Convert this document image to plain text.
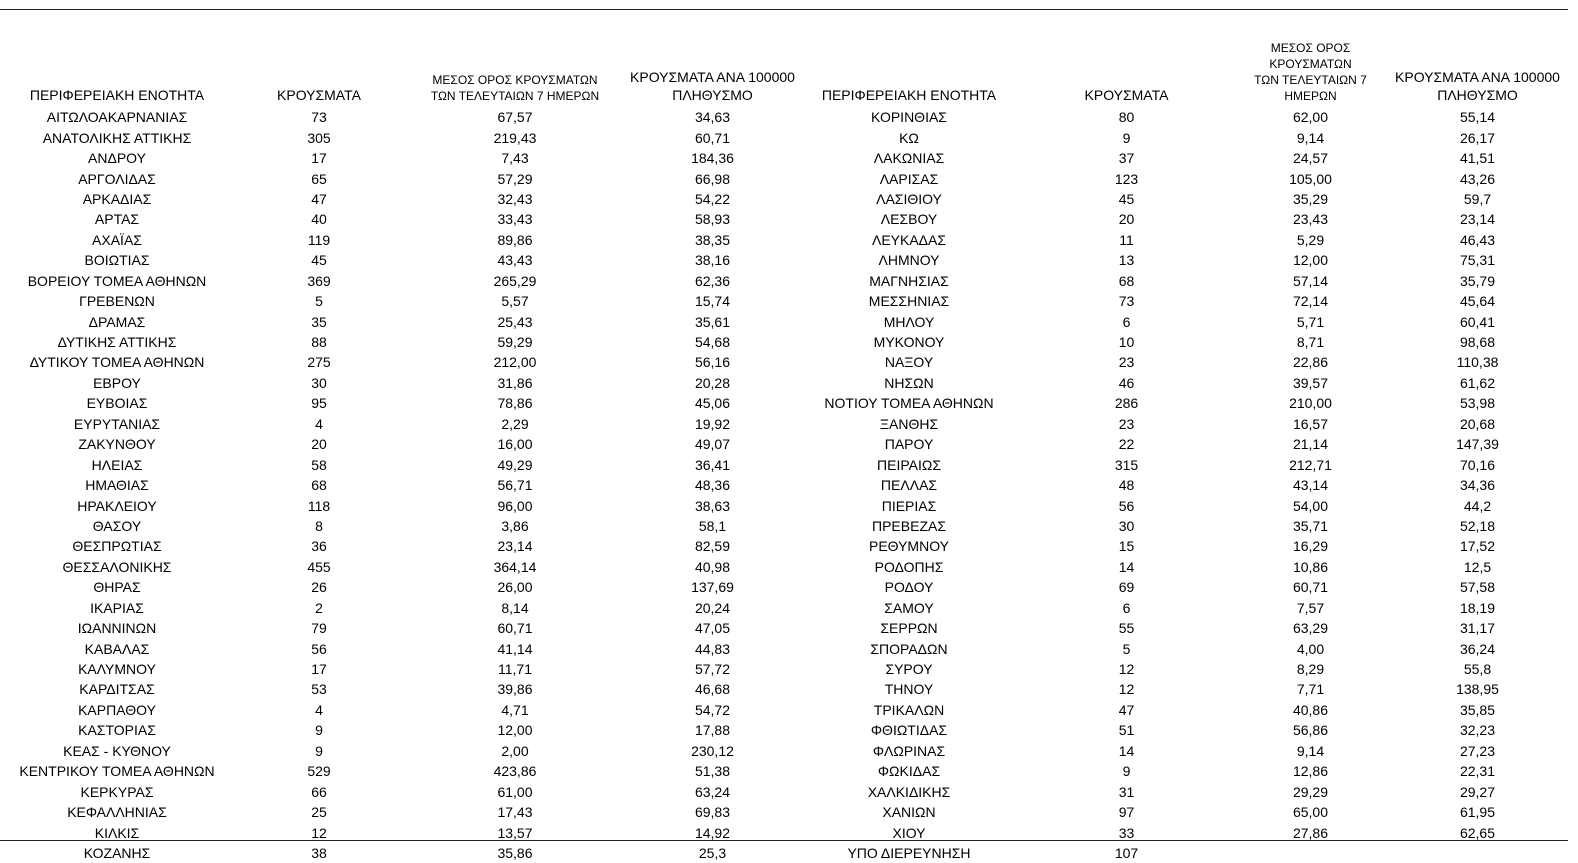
ΠΕΡΙΦΕΡΕΙΑΚΗ ΕΝΟΤΗΤΑ	ΚΡΟΥΣΜΑΤΑ	ΜΕΣΟΣ ΟΡΟΣ ΚΡΟΥΣΜΑΤΩΝ
ΤΩΝ ΤΕΛΕΥΤΑΙΩΝ 7 ΗΜΕΡΩΝ	ΚΡΟΥΣΜΑΤΑ ΑΝΑ 100000
ΠΛΗΘΥΣΜΟ	ΠΕΡΙΦΕΡΕΙΑΚΗ ΕΝΟΤΗΤΑ	ΚΡΟΥΣΜΑΤΑ	ΜΕΣΟΣ ΟΡΟΣ ΚΡΟΥΣΜΑΤΩΝ
ΤΩΝ ΤΕΛΕΥΤΑΙΩΝ 7 ΗΜΕΡΩΝ	ΚΡΟΥΣΜΑΤΑ ΑΝΑ 100000
ΠΛΗΘΥΣΜΟ
ΑΙΤΩΛΟΑΚΑΡΝΑΝΙΑΣ	73	67,57	34,63	ΚΟΡΙΝΘΙΑΣ	80	62,00	55,14
ΑΝΑΤΟΛΙΚΗΣ ΑΤΤΙΚΗΣ	305	219,43	60,71	ΚΩ	9	9,14	26,17
ΑΝΔΡΟΥ	17	7,43	184,36	ΛΑΚΩΝΙΑΣ	37	24,57	41,51
ΑΡΓΟΛΙΔΑΣ	65	57,29	66,98	ΛΑΡΙΣΑΣ	123	105,00	43,26
ΑΡΚΑΔΙΑΣ	47	32,43	54,22	ΛΑΣΙΘΙΟΥ	45	35,29	59,7
ΑΡΤΑΣ	40	33,43	58,93	ΛΕΣΒΟΥ	20	23,43	23,14
ΑΧΑΪΑΣ	119	89,86	38,35	ΛΕΥΚΑΔΑΣ	11	5,29	46,43
ΒΟΙΩΤΙΑΣ	45	43,43	38,16	ΛΗΜΝΟΥ	13	12,00	75,31
ΒΟΡΕΙΟΥ ΤΟΜΕΑ ΑΘΗΝΩΝ	369	265,29	62,36	ΜΑΓΝΗΣΙΑΣ	68	57,14	35,79
ΓΡΕΒΕΝΩΝ	5	5,57	15,74	ΜΕΣΣΗΝΙΑΣ	73	72,14	45,64
ΔΡΑΜΑΣ	35	25,43	35,61	ΜΗΛΟΥ	6	5,71	60,41
ΔΥΤΙΚΗΣ ΑΤΤΙΚΗΣ	88	59,29	54,68	ΜΥΚΟΝΟΥ	10	8,71	98,68
ΔΥΤΙΚΟΥ ΤΟΜΕΑ ΑΘΗΝΩΝ	275	212,00	56,16	ΝΑΞΟΥ	23	22,86	110,38
ΕΒΡΟΥ	30	31,86	20,28	ΝΗΣΩΝ	46	39,57	61,62
ΕΥΒΟΙΑΣ	95	78,86	45,06	ΝΟΤΙΟΥ ΤΟΜΕΑ ΑΘΗΝΩΝ	286	210,00	53,98
ΕΥΡΥΤΑΝΙΑΣ	4	2,29	19,92	ΞΑΝΘΗΣ	23	16,57	20,68
ΖΑΚΥΝΘΟΥ	20	16,00	49,07	ΠΑΡΟΥ	22	21,14	147,39
ΗΛΕΙΑΣ	58	49,29	36,41	ΠΕΙΡΑΙΩΣ	315	212,71	70,16
ΗΜΑΘΙΑΣ	68	56,71	48,36	ΠΕΛΛΑΣ	48	43,14	34,36
ΗΡΑΚΛΕΙΟΥ	118	96,00	38,63	ΠΙΕΡΙΑΣ	56	54,00	44,2
ΘΑΣΟΥ	8	3,86	58,1	ΠΡΕΒΕΖΑΣ	30	35,71	52,18
ΘΕΣΠΡΩΤΙΑΣ	36	23,14	82,59	ΡΕΘΥΜΝΟΥ	15	16,29	17,52
ΘΕΣΣΑΛΟΝΙΚΗΣ	455	364,14	40,98	ΡΟΔΟΠΗΣ	14	10,86	12,5
ΘΗΡΑΣ	26	26,00	137,69	ΡΟΔΟΥ	69	60,71	57,58
ΙΚΑΡΙΑΣ	2	8,14	20,24	ΣΑΜΟΥ	6	7,57	18,19
ΙΩΑΝΝΙΝΩΝ	79	60,71	47,05	ΣΕΡΡΩΝ	55	63,29	31,17
ΚΑΒΑΛΑΣ	56	41,14	44,83	ΣΠΟΡΑΔΩΝ	5	4,00	36,24
ΚΑΛΥΜΝΟΥ	17	11,71	57,72	ΣΥΡΟΥ	12	8,29	55,8
ΚΑΡΔΙΤΣΑΣ	53	39,86	46,68	ΤΗΝΟΥ	12	7,71	138,95
ΚΑΡΠΑΘΟΥ	4	4,71	54,72	ΤΡΙΚΑΛΩΝ	47	40,86	35,85
ΚΑΣΤΟΡΙΑΣ	9	12,00	17,88	ΦΘΙΩΤΙΔΑΣ	51	56,86	32,23
ΚΕΑΣ - ΚΥΘΝΟΥ	9	2,00	230,12	ΦΛΩΡΙΝΑΣ	14	9,14	27,23
ΚΕΝΤΡΙΚΟΥ ΤΟΜΕΑ ΑΘΗΝΩΝ	529	423,86	51,38	ΦΩΚΙΔΑΣ	9	12,86	22,31
ΚΕΡΚΥΡΑΣ	66	61,00	63,24	ΧΑΛΚΙΔΙΚΗΣ	31	29,29	29,27
ΚΕΦΑΛΛΗΝΙΑΣ	25	17,43	69,83	ΧΑΝΙΩΝ	97	65,00	61,95
ΚΙΛΚΙΣ	12	13,57	14,92	ΧΙΟΥ	33	27,86	62,65
ΚΟΖΑΝΗΣ	38	35,86	25,3	ΥΠΟ ΔΙΕΡΕΥΝΗΣΗ	107		
